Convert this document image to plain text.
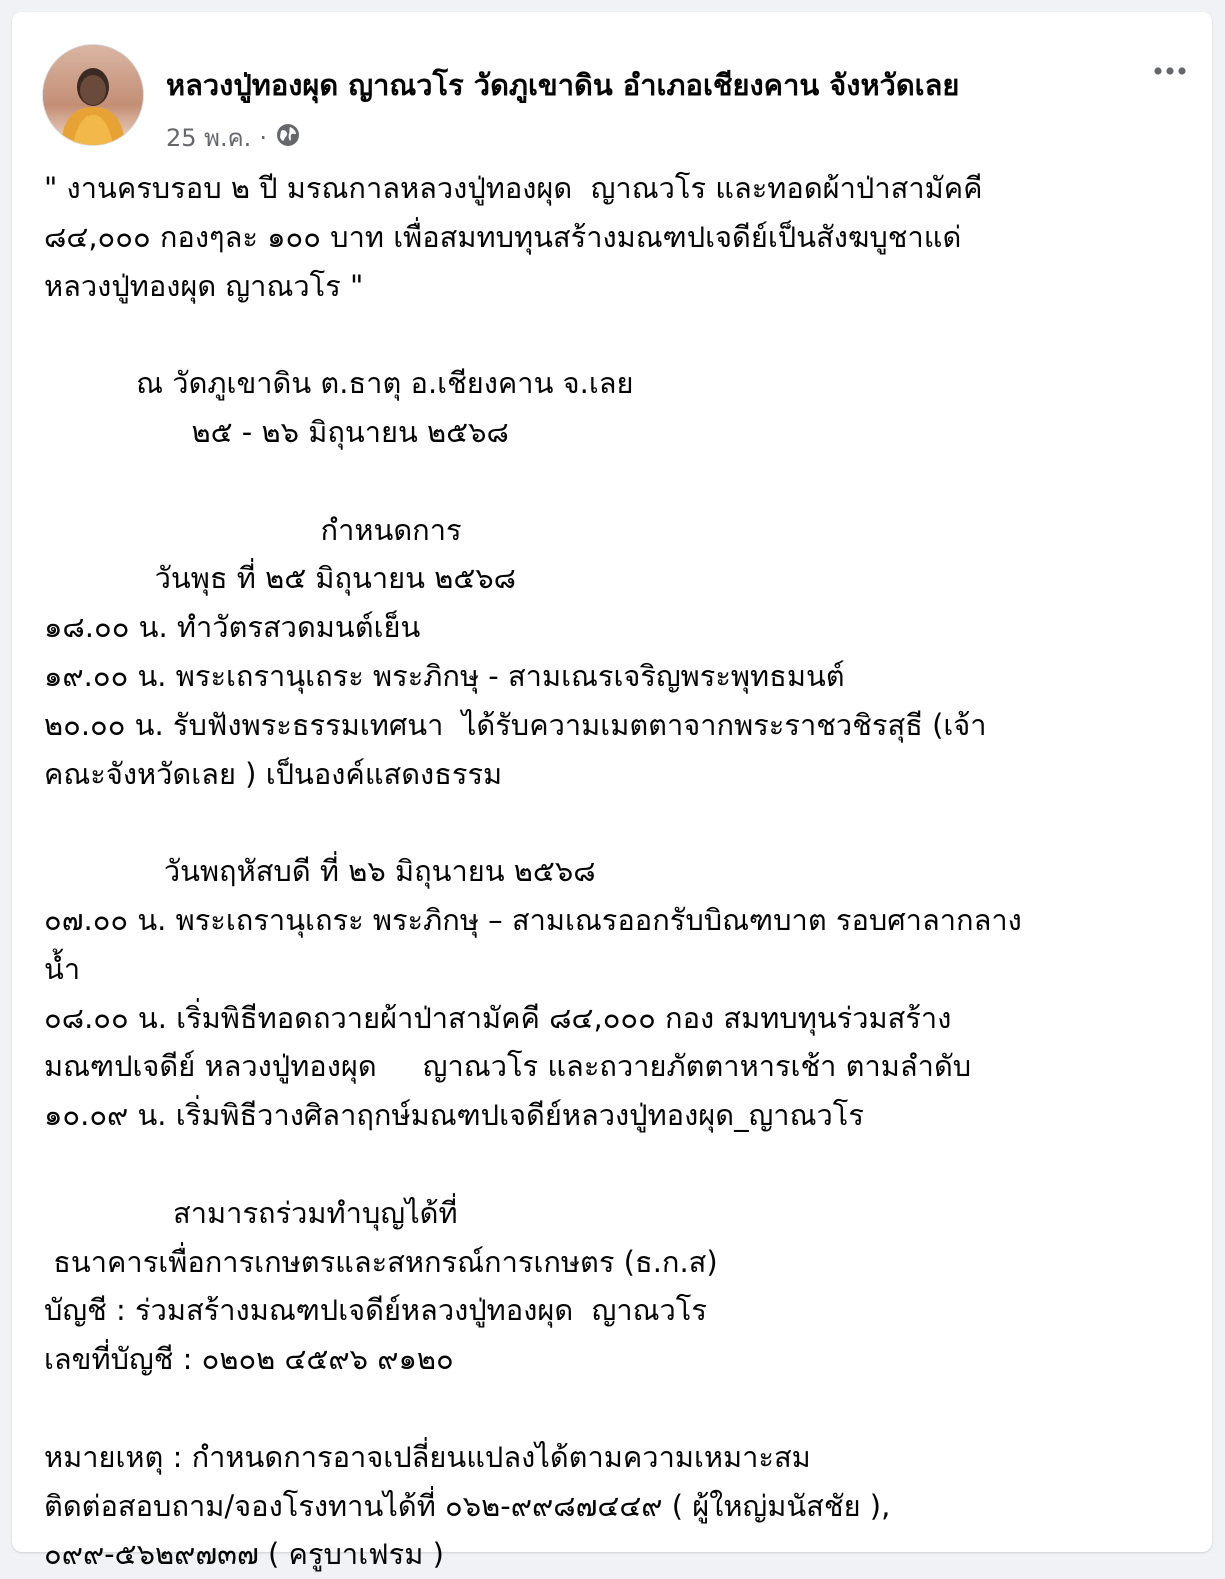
หลวงปู่ทองผุด ญาณวโร วัดภูเขาดิน อำเภอเชียงคาน จังหวัดเลย
25 พ.ค. ·
" งานครบรอบ ๒ ปี มรณกาลหลวงปู่ทองผุด  ญาณวโร และทอดผ้าป่าสามัคคี
๘๔,๐๐๐ กองๆละ ๑๐๐ บาท เพื่อสมทบทุนสร้างมณฑปเจดีย์เป็นสังฆบูชาแด่
หลวงปู่ทองผุด ญาณวโร "
ณ วัดภูเขาดิน ต.ธาตุ อ.เชียงคาน จ.เลย
๒๕ - ๒๖ มิถุนายน ๒๕๖๘
กำหนดการ
วันพุธ ที่ ๒๕ มิถุนายน ๒๕๖๘
๑๘.๐๐ น. ทำวัตรสวดมนต์เย็น
๑๙.๐๐ น. พระเถรานุเถระ พระภิกษุ - สามเณรเจริญพระพุทธมนต์
๒๐.๐๐ น. รับฟังพระธรรมเทศนา  ได้รับความเมตตาจากพระราชวชิรสุธี (เจ้า
คณะจังหวัดเลย ) เป็นองค์แสดงธรรม
วันพฤหัสบดี ที่ ๒๖ มิถุนายน ๒๕๖๘
๐๗.๐๐ น. พระเถรานุเถระ พระภิกษุ – สามเณรออกรับบิณฑบาต รอบศาลากลาง
น้ำ
๐๘.๐๐ น. เริ่มพิธีทอดถวายผ้าป่าสามัคคี ๘๔,๐๐๐ กอง สมทบทุนร่วมสร้าง
มณฑปเจดีย์ หลวงปู่ทองผุด     ญาณวโร และถวายภัตตาหารเช้า ตามลำดับ
๑๐.๐๙ น. เริ่มพิธีวางศิลาฤกษ์มณฑปเจดีย์หลวงปู่ทองผุด_ญาณวโร
สามารถร่วมทำบุญได้ที่
ธนาคารเพื่อการเกษตรและสหกรณ์การเกษตร (ธ.ก.ส)
บัญชี : ร่วมสร้างมณฑปเจดีย์หลวงปู่ทองผุด  ญาณวโร
เลขที่บัญชี : ๐๒๐๒ ๔๕๙๖ ๙๑๒๐
หมายเหตุ : กำหนดการอาจเปลี่ยนแปลงได้ตามความเหมาะสม
ติดต่อสอบถาม/จองโรงทานได้ที่ ๐๖๒-๙๙๘๗๔๔๙ ( ผู้ใหญ่มนัสชัย ),
๐๙๙-๕๖๒๙๗๓๗ ( ครูบาเฟรม )
